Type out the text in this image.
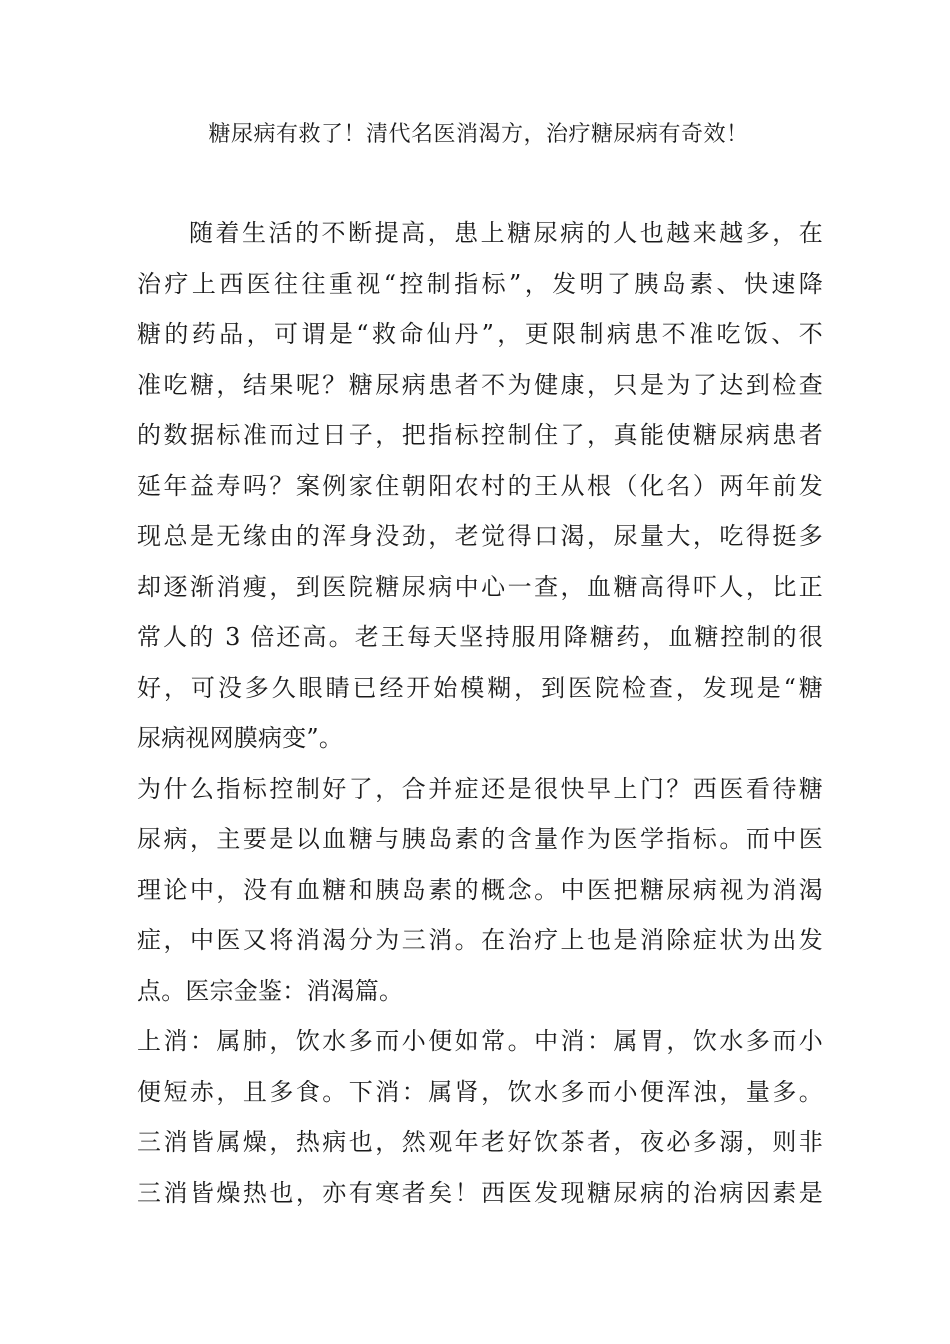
糖尿病有救了！清代名医消渴方，治疗糖尿病有奇效！
随着生活的不断提高，患上糖尿病的人也越来越多，在
治疗上西医往往重视“控制指标”，发明了胰岛素、快速降
糖的药品，可谓是“救命仙丹”，更限制病患不准吃饭、不
准吃糖，结果呢？糖尿病患者不为健康，只是为了达到检查
的数据标准而过日子，把指标控制住了，真能使糖尿病患者
延年益寿吗？案例家住朝阳农村的王从根（化名）两年前发
现总是无缘由的浑身没劲，老觉得口渴，尿量大，吃得挺多
却逐渐消瘦，到医院糖尿病中心一查，血糖高得吓人，比正
常人的 3 倍还高。老王每天坚持服用降糖药，血糖控制的很
好，可没多久眼睛已经开始模糊，到医院检查，发现是“糖
尿病视网膜病变”。
为什么指标控制好了，合并症还是很快早上门？西医看待糖
尿病，主要是以血糖与胰岛素的含量作为医学指标。而中医
理论中，没有血糖和胰岛素的概念。中医把糖尿病视为消渴
症，中医又将消渴分为三消。在治疗上也是消除症状为出发
点。医宗金鉴：消渴篇。
上消：属肺，饮水多而小便如常。中消：属胃，饮水多而小
便短赤，且多食。下消：属肾，饮水多而小便浑浊，量多。
三消皆属燥，热病也，然观年老好饮茶者，夜必多溺，则非
三消皆燥热也，亦有寒者矣！西医发现糖尿病的治病因素是
